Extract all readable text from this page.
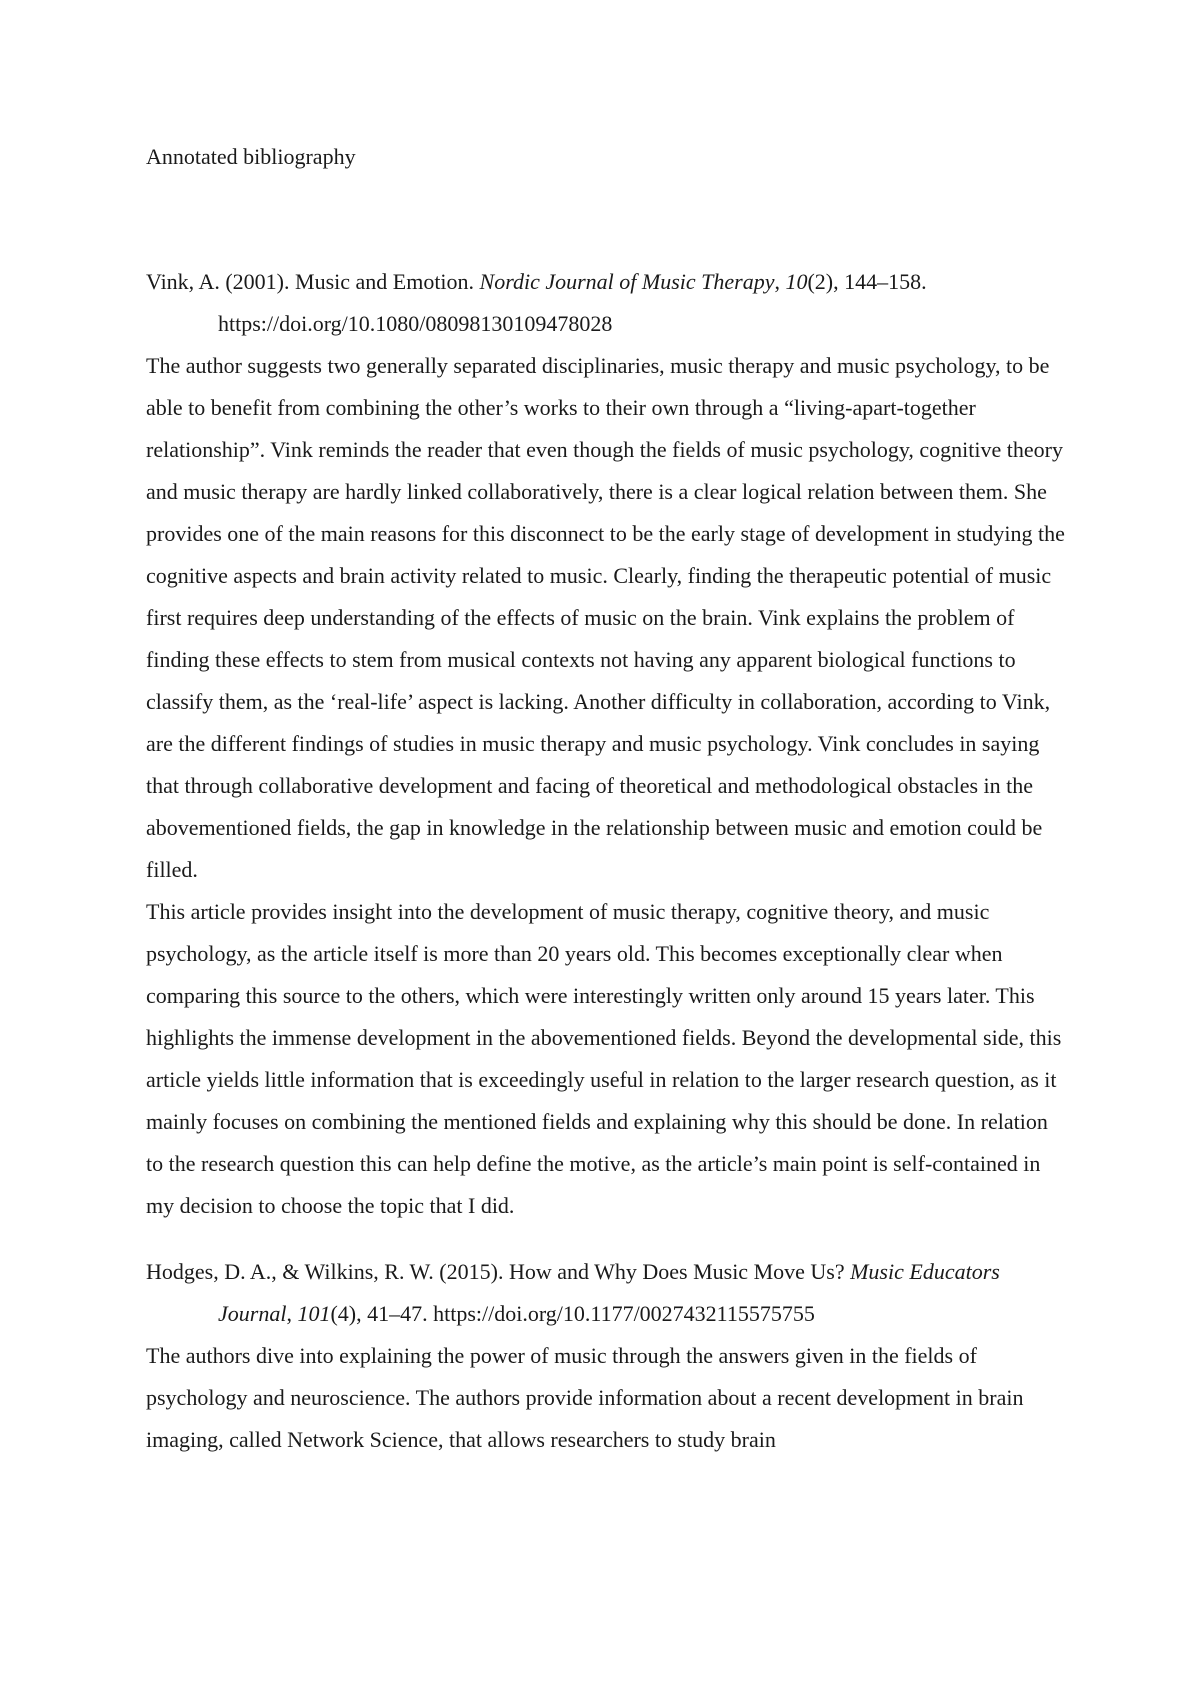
Annotated bibliography

Vink, A. (2001). Music and Emotion. Nordic Journal of Music Therapy, 10(2), 144–158. https://doi.org/10.1080/08098130109478028

The author suggests two generally separated disciplinaries, music therapy and music psychology, to be able to benefit from combining the other’s works to their own through a “living-apart-together relationship”. Vink reminds the reader that even though the fields of music psychology, cognitive theory and music therapy are hardly linked collaboratively, there is a clear logical relation between them. She provides one of the main reasons for this disconnect to be the early stage of development in studying the cognitive aspects and brain activity related to music. Clearly, finding the therapeutic potential of music first requires deep understanding of the effects of music on the brain. Vink explains the problem of finding these effects to stem from musical contexts not having any apparent biological functions to classify them, as the ‘real-life’ aspect is lacking. Another difficulty in collaboration, according to Vink, are the different findings of studies in music therapy and music psychology. Vink concludes in saying that through collaborative development and facing of theoretical and methodological obstacles in the abovementioned fields, the gap in knowledge in the relationship between music and emotion could be filled.

This article provides insight into the development of music therapy, cognitive theory, and music psychology, as the article itself is more than 20 years old. This becomes exceptionally clear when comparing this source to the others, which were interestingly written only around 15 years later. This highlights the immense development in the abovementioned fields. Beyond the developmental side, this article yields little information that is exceedingly useful in relation to the larger research question, as it mainly focuses on combining the mentioned fields and explaining why this should be done. In relation to the research question this can help define the motive, as the article’s main point is self-contained in my decision to choose the topic that I did.

Hodges, D. A., & Wilkins, R. W. (2015). How and Why Does Music Move Us? Music Educators Journal, 101(4), 41–47. https://doi.org/10.1177/0027432115575755

The authors dive into explaining the power of music through the answers given in the fields of psychology and neuroscience. The authors provide information about a recent development in brain imaging, called Network Science, that allows researchers to study brain
